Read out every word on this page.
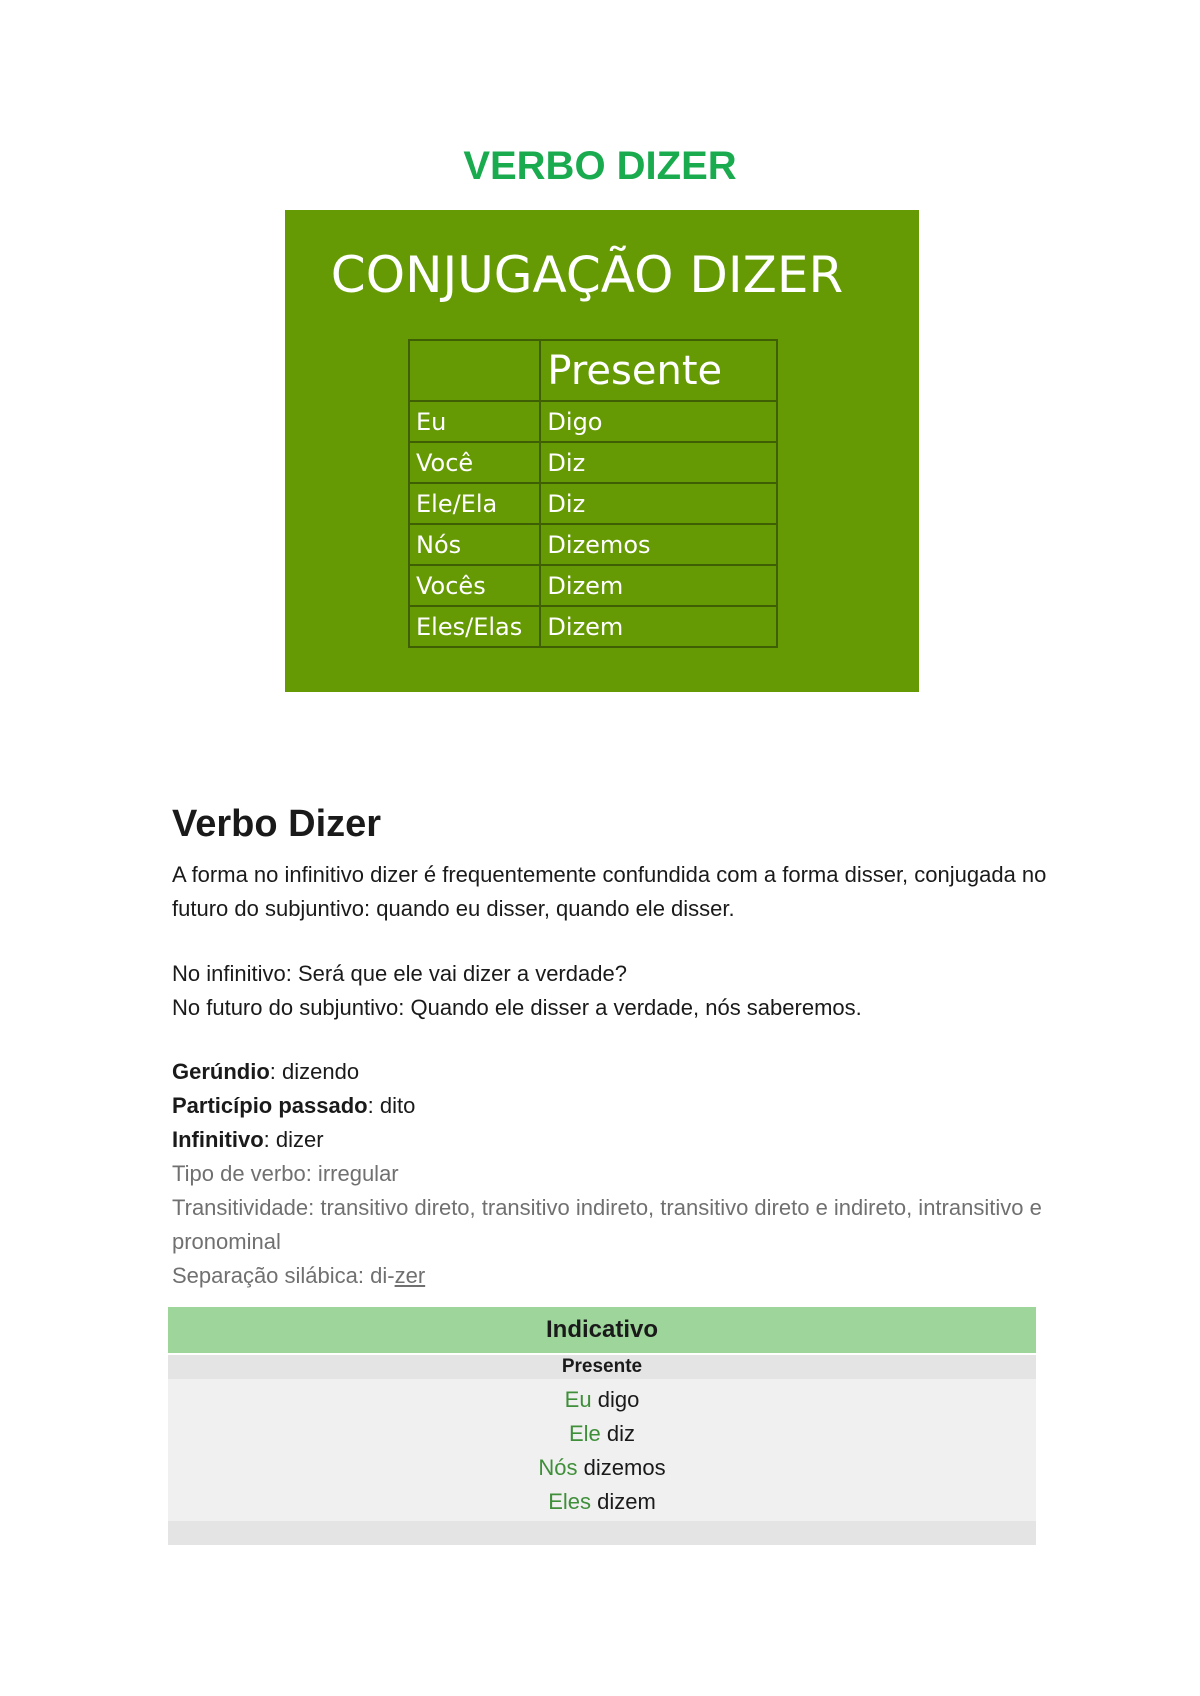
VERBO DIZER
CONJUGAÇÃO DIZER
	Presente
Eu	Digo
Você	Diz
Ele/Ela	Diz
Nós	Dizemos
Vocês	Dizem
Eles/Elas	Dizem
Verbo Dizer
A forma no infinitivo dizer é frequentemente confundida com a forma disser, conjugada no futuro do subjuntivo: quando eu disser, quando ele disser.
No infinitivo: Será que ele vai dizer a verdade?
No futuro do subjuntivo: Quando ele disser a verdade, nós saberemos.
Gerúndio: dizendo
Particípio passado: dito
Infinitivo: dizer
Tipo de verbo: irregular
Transitividade: transitivo direto, transitivo indireto, transitivo direto e indireto, intransitivo e pronominal
Separação silábica: di-zer
Indicativo
Presente
Eu digo
Ele diz
Nós dizemos
Eles dizem
